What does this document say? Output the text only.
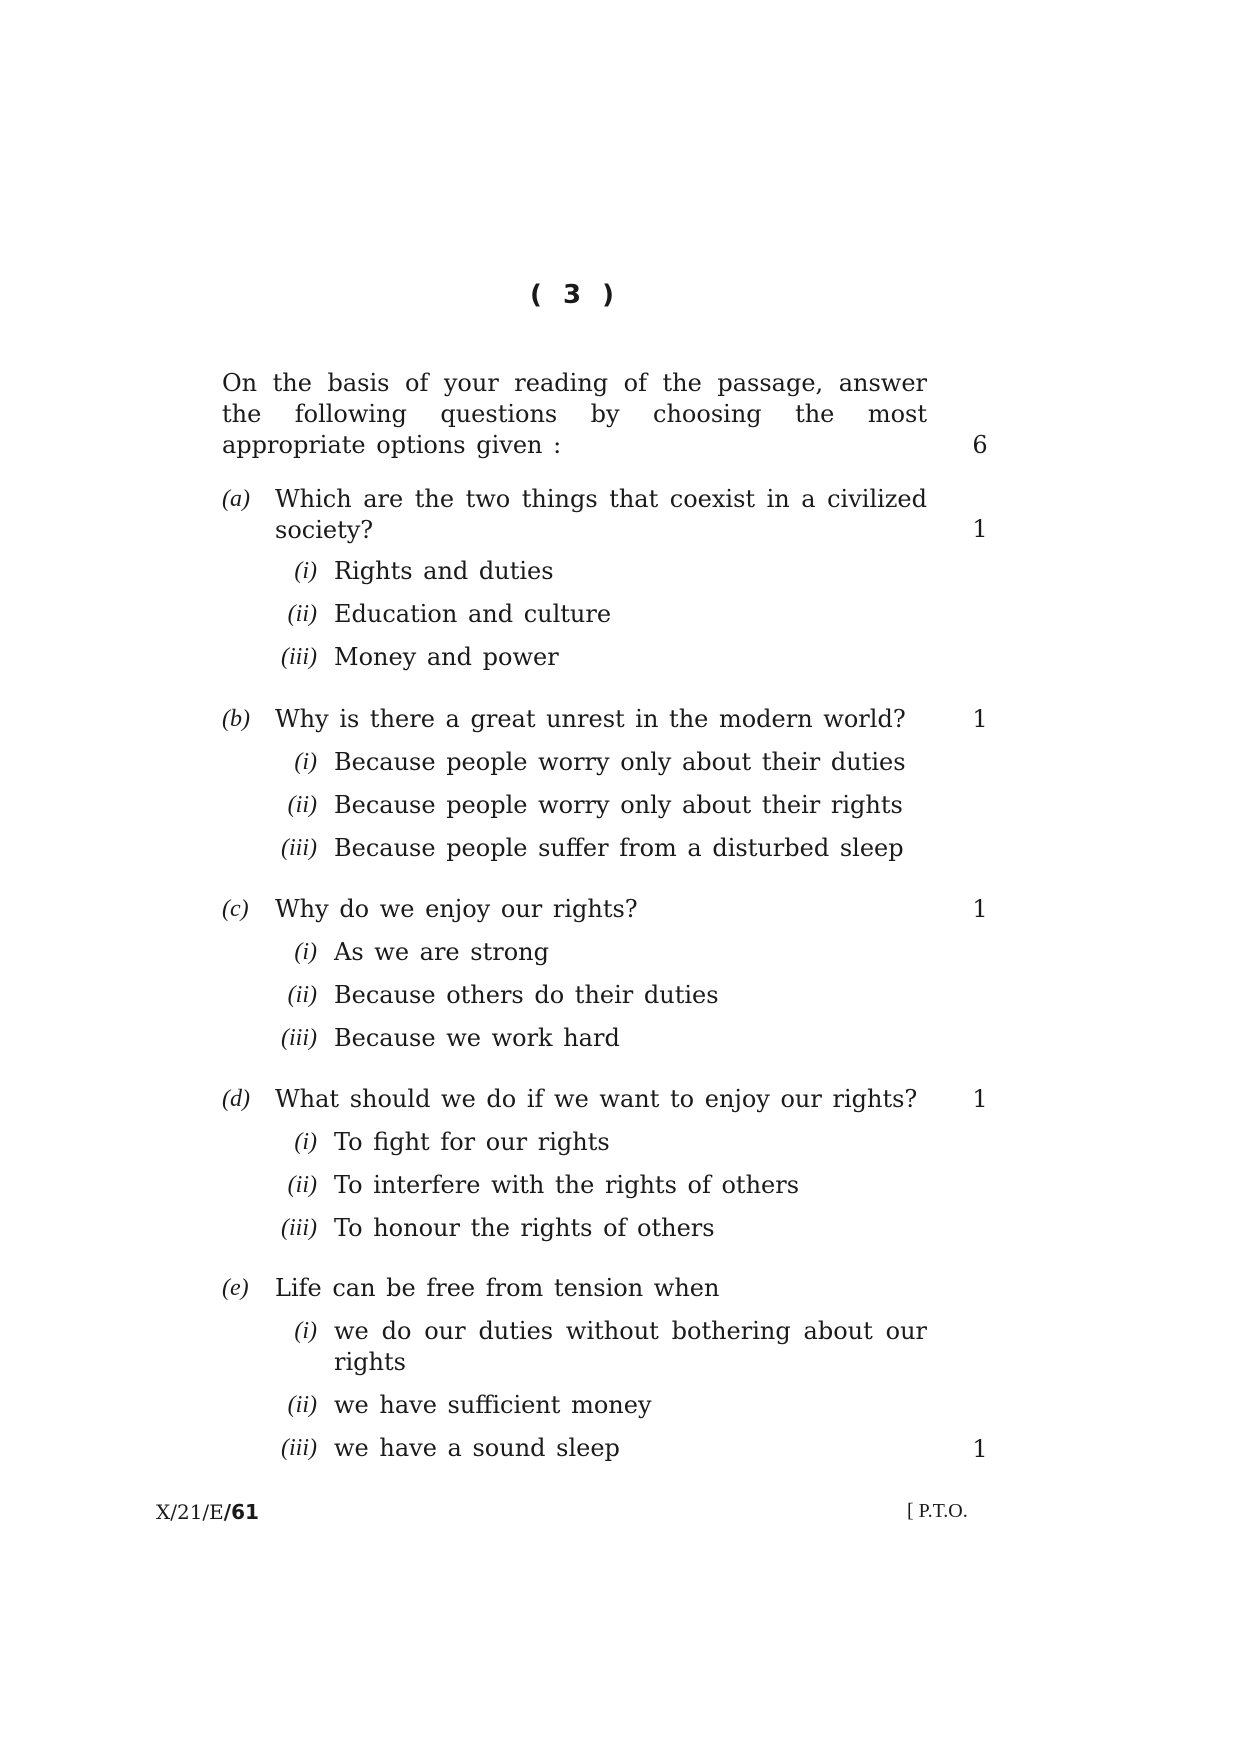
( 3 )
On the basis of your reading of the passage, answer the following questions by choosing the most appropriate options given :	6
(a) Which are the two things that coexist in a civilized society?
(i) Rights and duties
(ii) Education and culture
(iii) Money and power
1
(b) Why is there a great unrest in the modern world?
(i) Because people worry only about their duties
(ii) Because people worry only about their rights
(iii) Because people suffer from a disturbed sleep
1
(c) Why do we enjoy our rights?
(i) As we are strong
(ii) Because others do their duties
(iii) Because we work hard
1
(d) What should we do if we want to enjoy our rights?
(i) To fight for our rights
(ii) To interfere with the rights of others
(iii) To honour the rights of others
1
(e) Life can be free from tension when
(i) we do our duties without bothering about our rights
(ii) we have sufficient money
(iii) we have a sound sleep	1
X/21/E/61	[ P.T.O.
